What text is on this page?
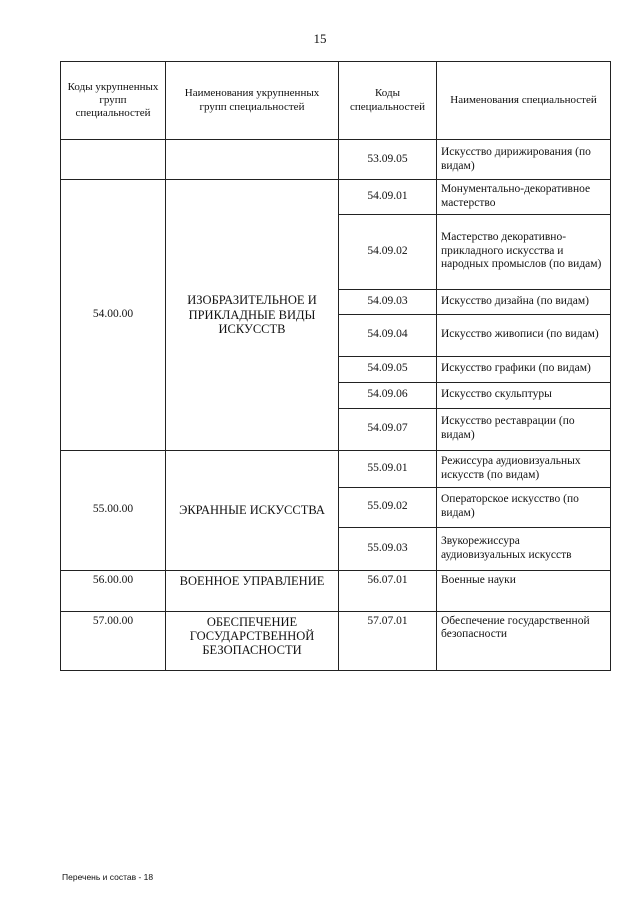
15
Коды укрупненных групп специальностей	Наименования укрупненных групп специальностей	Коды специальностей	Наименования специальностей
		53.09.05	Искусство дирижирования (по видам)
54.00.00	ИЗОБРАЗИТЕЛЬНОЕ И ПРИКЛАДНЫЕ ВИДЫ ИСКУССТВ	54.09.01	Монументально-декоративное мастерство
		54.09.02	Мастерство декоративно-прикладного искусства и народных промыслов (по видам)
		54.09.03	Искусство дизайна (по видам)
		54.09.04	Искусство живописи (по видам)
		54.09.05	Искусство графики (по видам)
		54.09.06	Искусство скульптуры
		54.09.07	Искусство реставрации (по видам)
55.00.00	ЭКРАННЫЕ ИСКУССТВА	55.09.01	Режиссура аудиовизуальных искусств (по видам)
		55.09.02	Операторское искусство (по видам)
		55.09.03	Звукорежиссура аудиовизуальных искусств
56.00.00	ВОЕННОЕ УПРАВЛЕНИЕ	56.07.01	Военные науки
57.00.00	ОБЕСПЕЧЕНИЕ ГОСУДАРСТВЕННОЙ БЕЗОПАСНОСТИ	57.07.01	Обеспечение государственной безопасности
Перечень и состав - 18
